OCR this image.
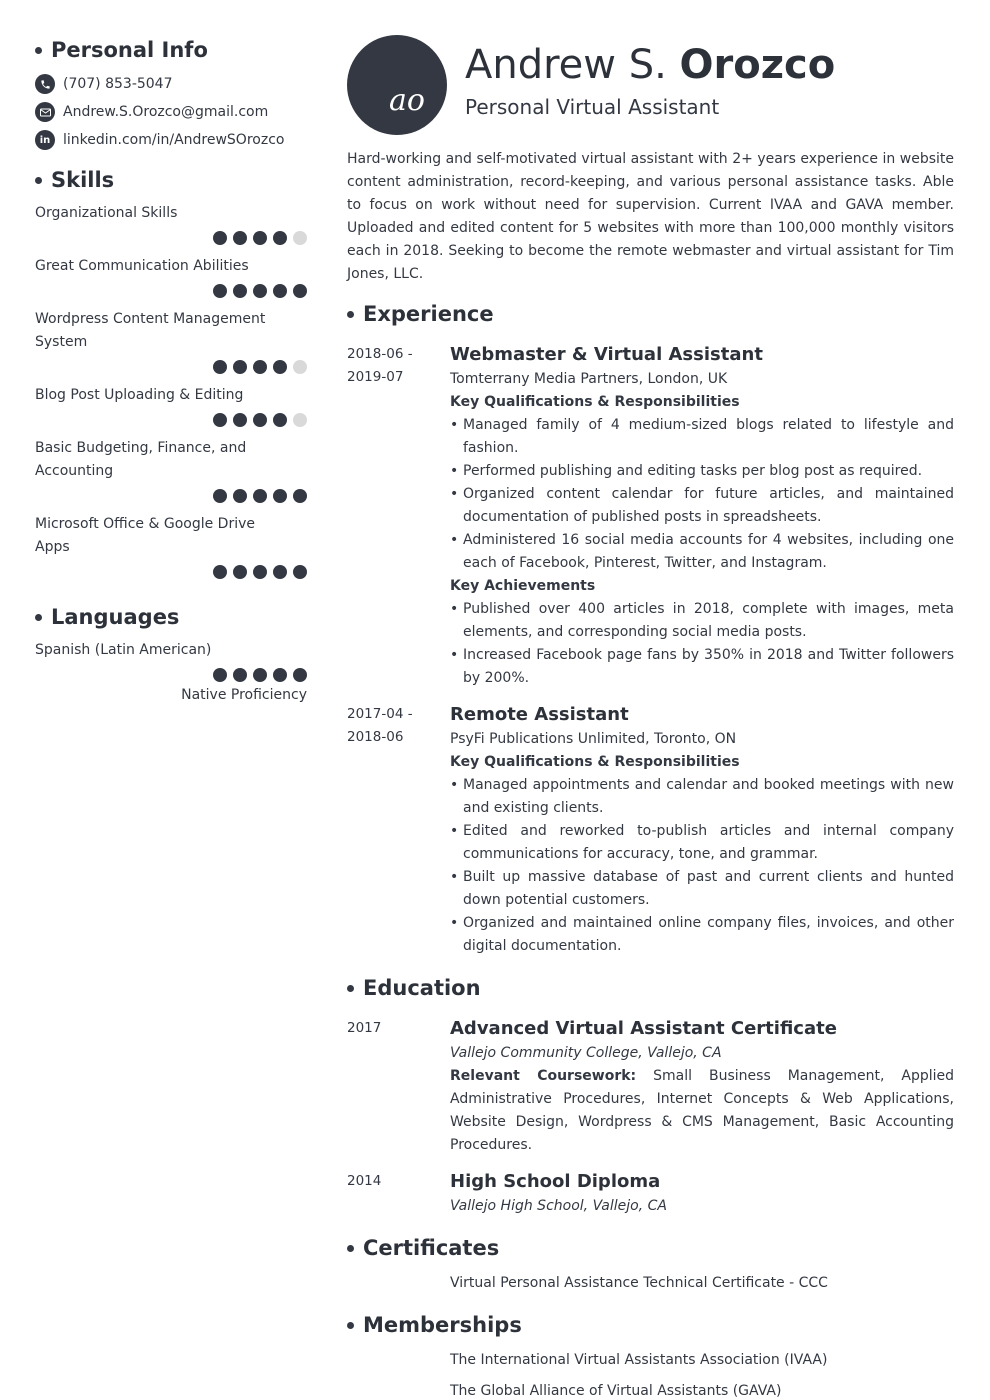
Personal Info
(707) 853-5047
Andrew.S.Orozco@gmail.com
in linkedin.com/in/AndrewSOrozco
Skills
Organizational Skills
Great Communication Abilities
Wordpress Content Management System
Blog Post Uploading & Editing
Basic Budgeting, Finance, and Accounting
Microsoft Office & Google Drive Apps
Languages
Spanish (Latin American)
Native Proficiency
ao
Andrew S. Orozco
Personal Virtual Assistant
Hard-working and self-motivated virtual assistant with 2+ years experience in website content administration, record-keeping, and various personal assistance tasks. Able to focus on work without need for supervision. Current IVAA and GAVA member. Uploaded and edited content for 5 websites with more than 100,000 monthly visitors each in 2018. Seeking to become the remote webmaster and virtual assistant for Tim Jones, LLC.
Experience
2018-06 -
2019-07
Webmaster & Virtual Assistant
Tomterrany Media Partners, London, UK
Key Qualifications & Responsibilities
• Managed family of 4 medium-sized blogs related to lifestyle and fashion.
• Performed publishing and editing tasks per blog post as required.
• Organized content calendar for future articles, and maintained documentation of published posts in spreadsheets.
• Administered 16 social media accounts for 4 websites, including one each of Facebook, Pinterest, Twitter, and Instagram.
Key Achievements
• Published over 400 articles in 2018, complete with images, meta elements, and corresponding social media posts.
• Increased Facebook page fans by 350% in 2018 and Twitter followers by 200%.
2017-04 -
2018-06
Remote Assistant
PsyFi Publications Unlimited, Toronto, ON
Key Qualifications & Responsibilities
• Managed appointments and calendar and booked meetings with new and existing clients.
• Edited and reworked to-publish articles and internal company communications for accuracy, tone, and grammar.
• Built up massive database of past and current clients and hunted down potential customers.
• Organized and maintained online company files, invoices, and other digital documentation.
Education
2017	Advanced Virtual Assistant Certificate
Vallejo Community College, Vallejo, CA
Relevant Coursework: Small Business Management, Applied Administrative Procedures, Internet Concepts & Web Applications, Website Design, Wordpress & CMS Management, Basic Accounting Procedures.
2014	High School Diploma
Vallejo High School, Vallejo, CA
Certificates
Virtual Personal Assistance Technical Certificate - CCC
Memberships
The International Virtual Assistants Association (IVAA)
The Global Alliance of Virtual Assistants (GAVA)
